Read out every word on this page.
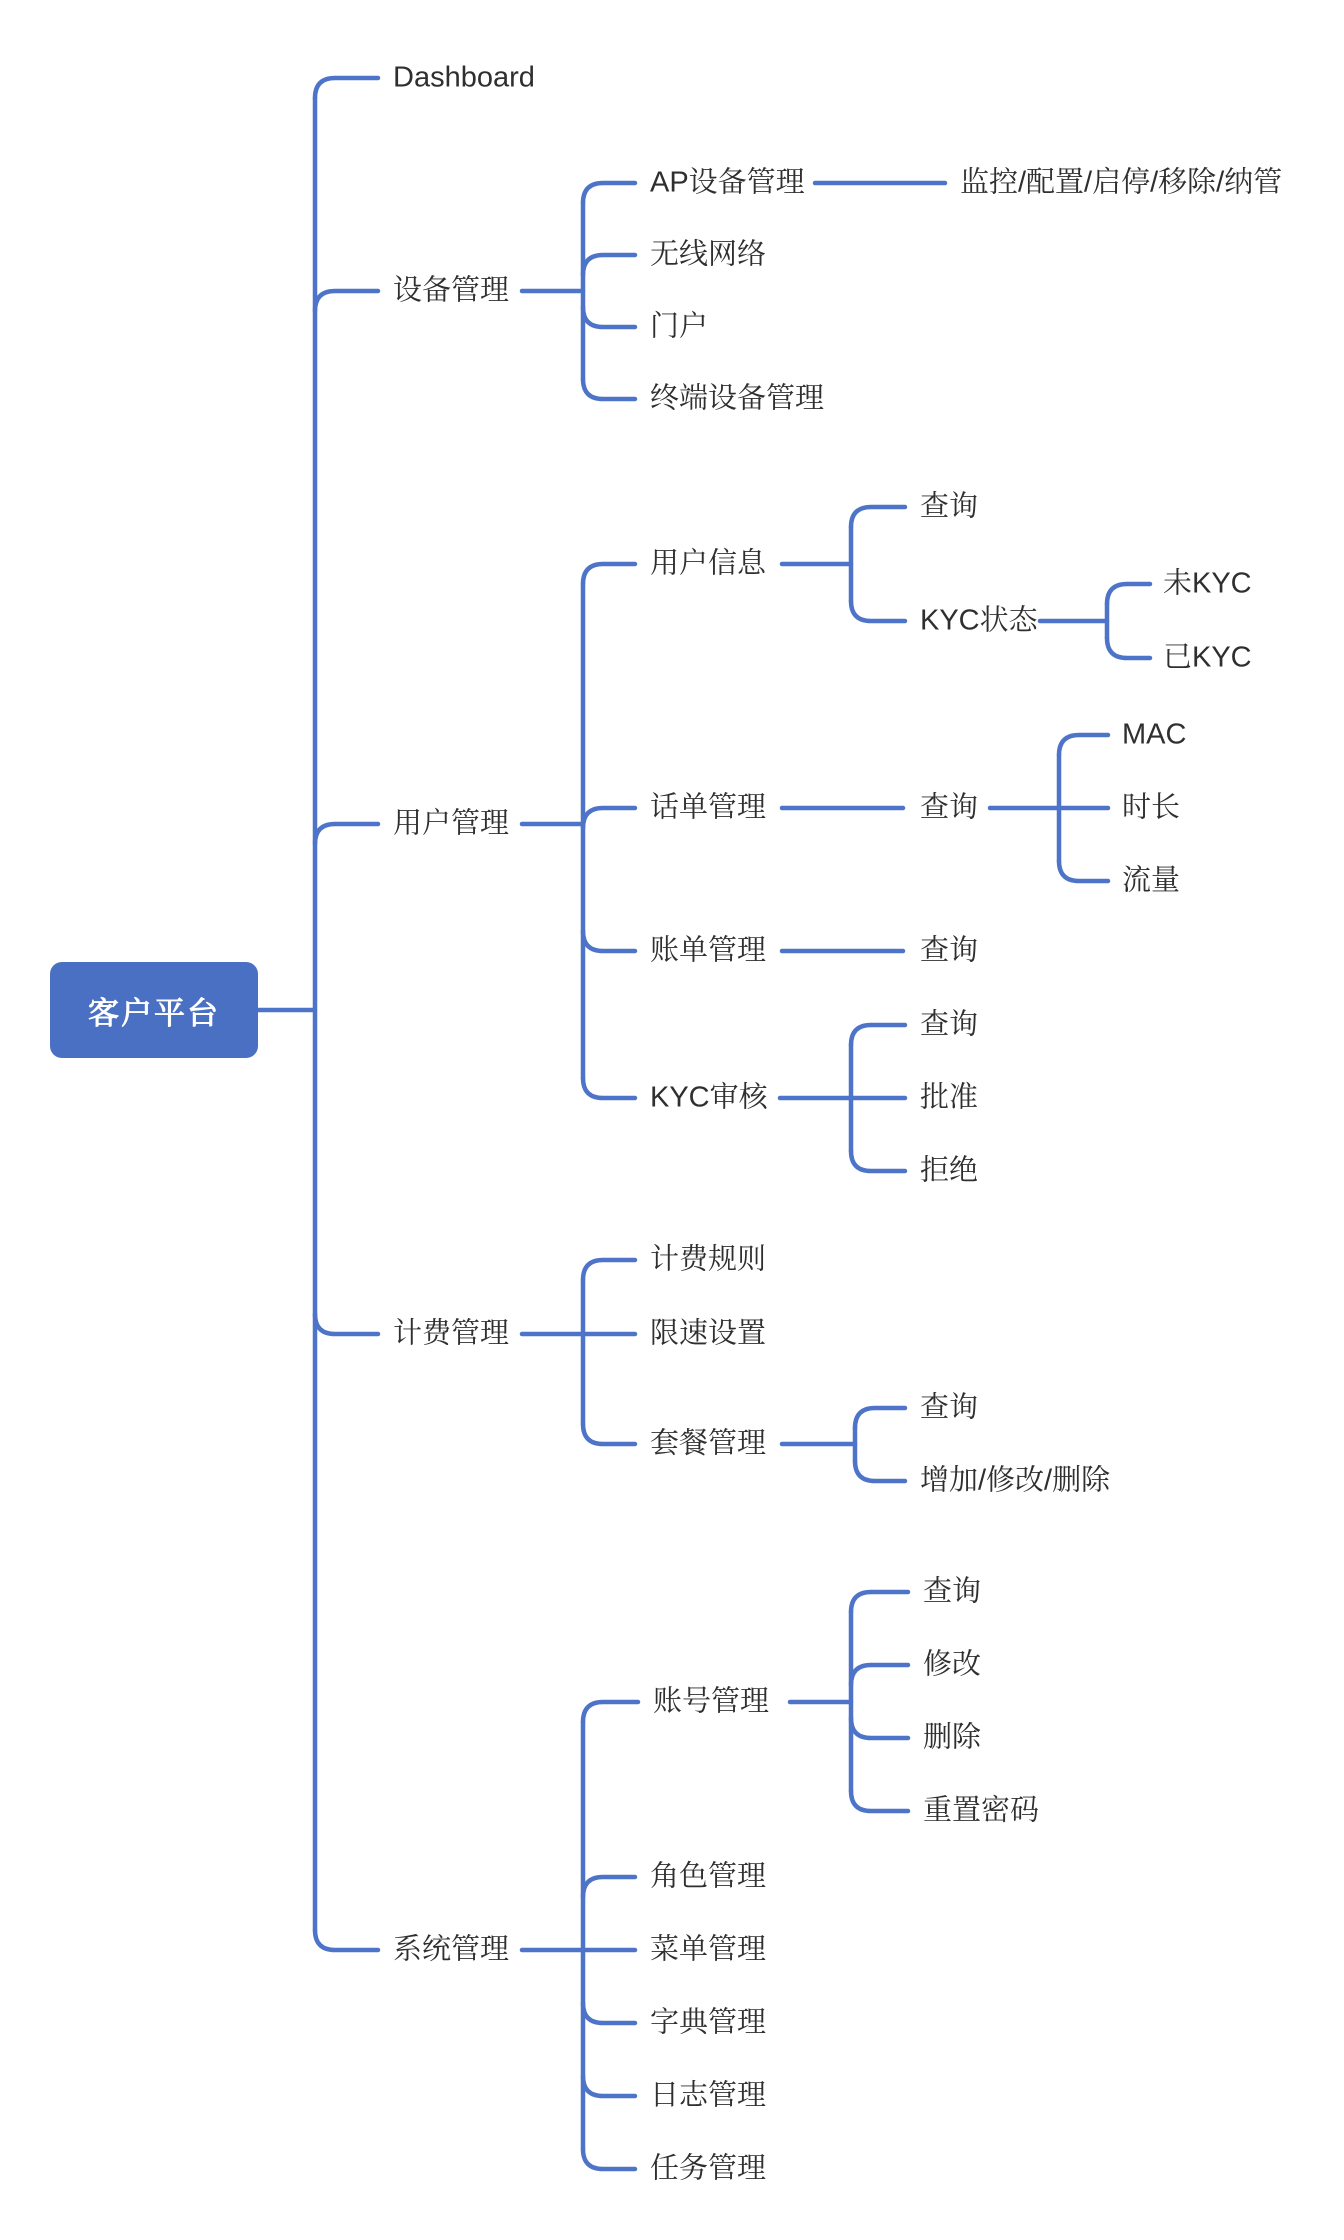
客户平台
Dashboard
设备管理
用户管理
计费管理
系统管理
AP设备管理	监控/配置/启停/移除/纳管
无线网络
门户
终端设备管理
用户信息
查询
KYC状态
未KYC
已KYC
话单管理	查询
MAC
时长
流量
账单管理	查询
KYC审核
查询
批准
拒绝
计费规则
限速设置
套餐管理
查询
增加/修改/删除
账号管理
查询
修改
删除
重置密码
角色管理
菜单管理
字典管理
日志管理
任务管理
